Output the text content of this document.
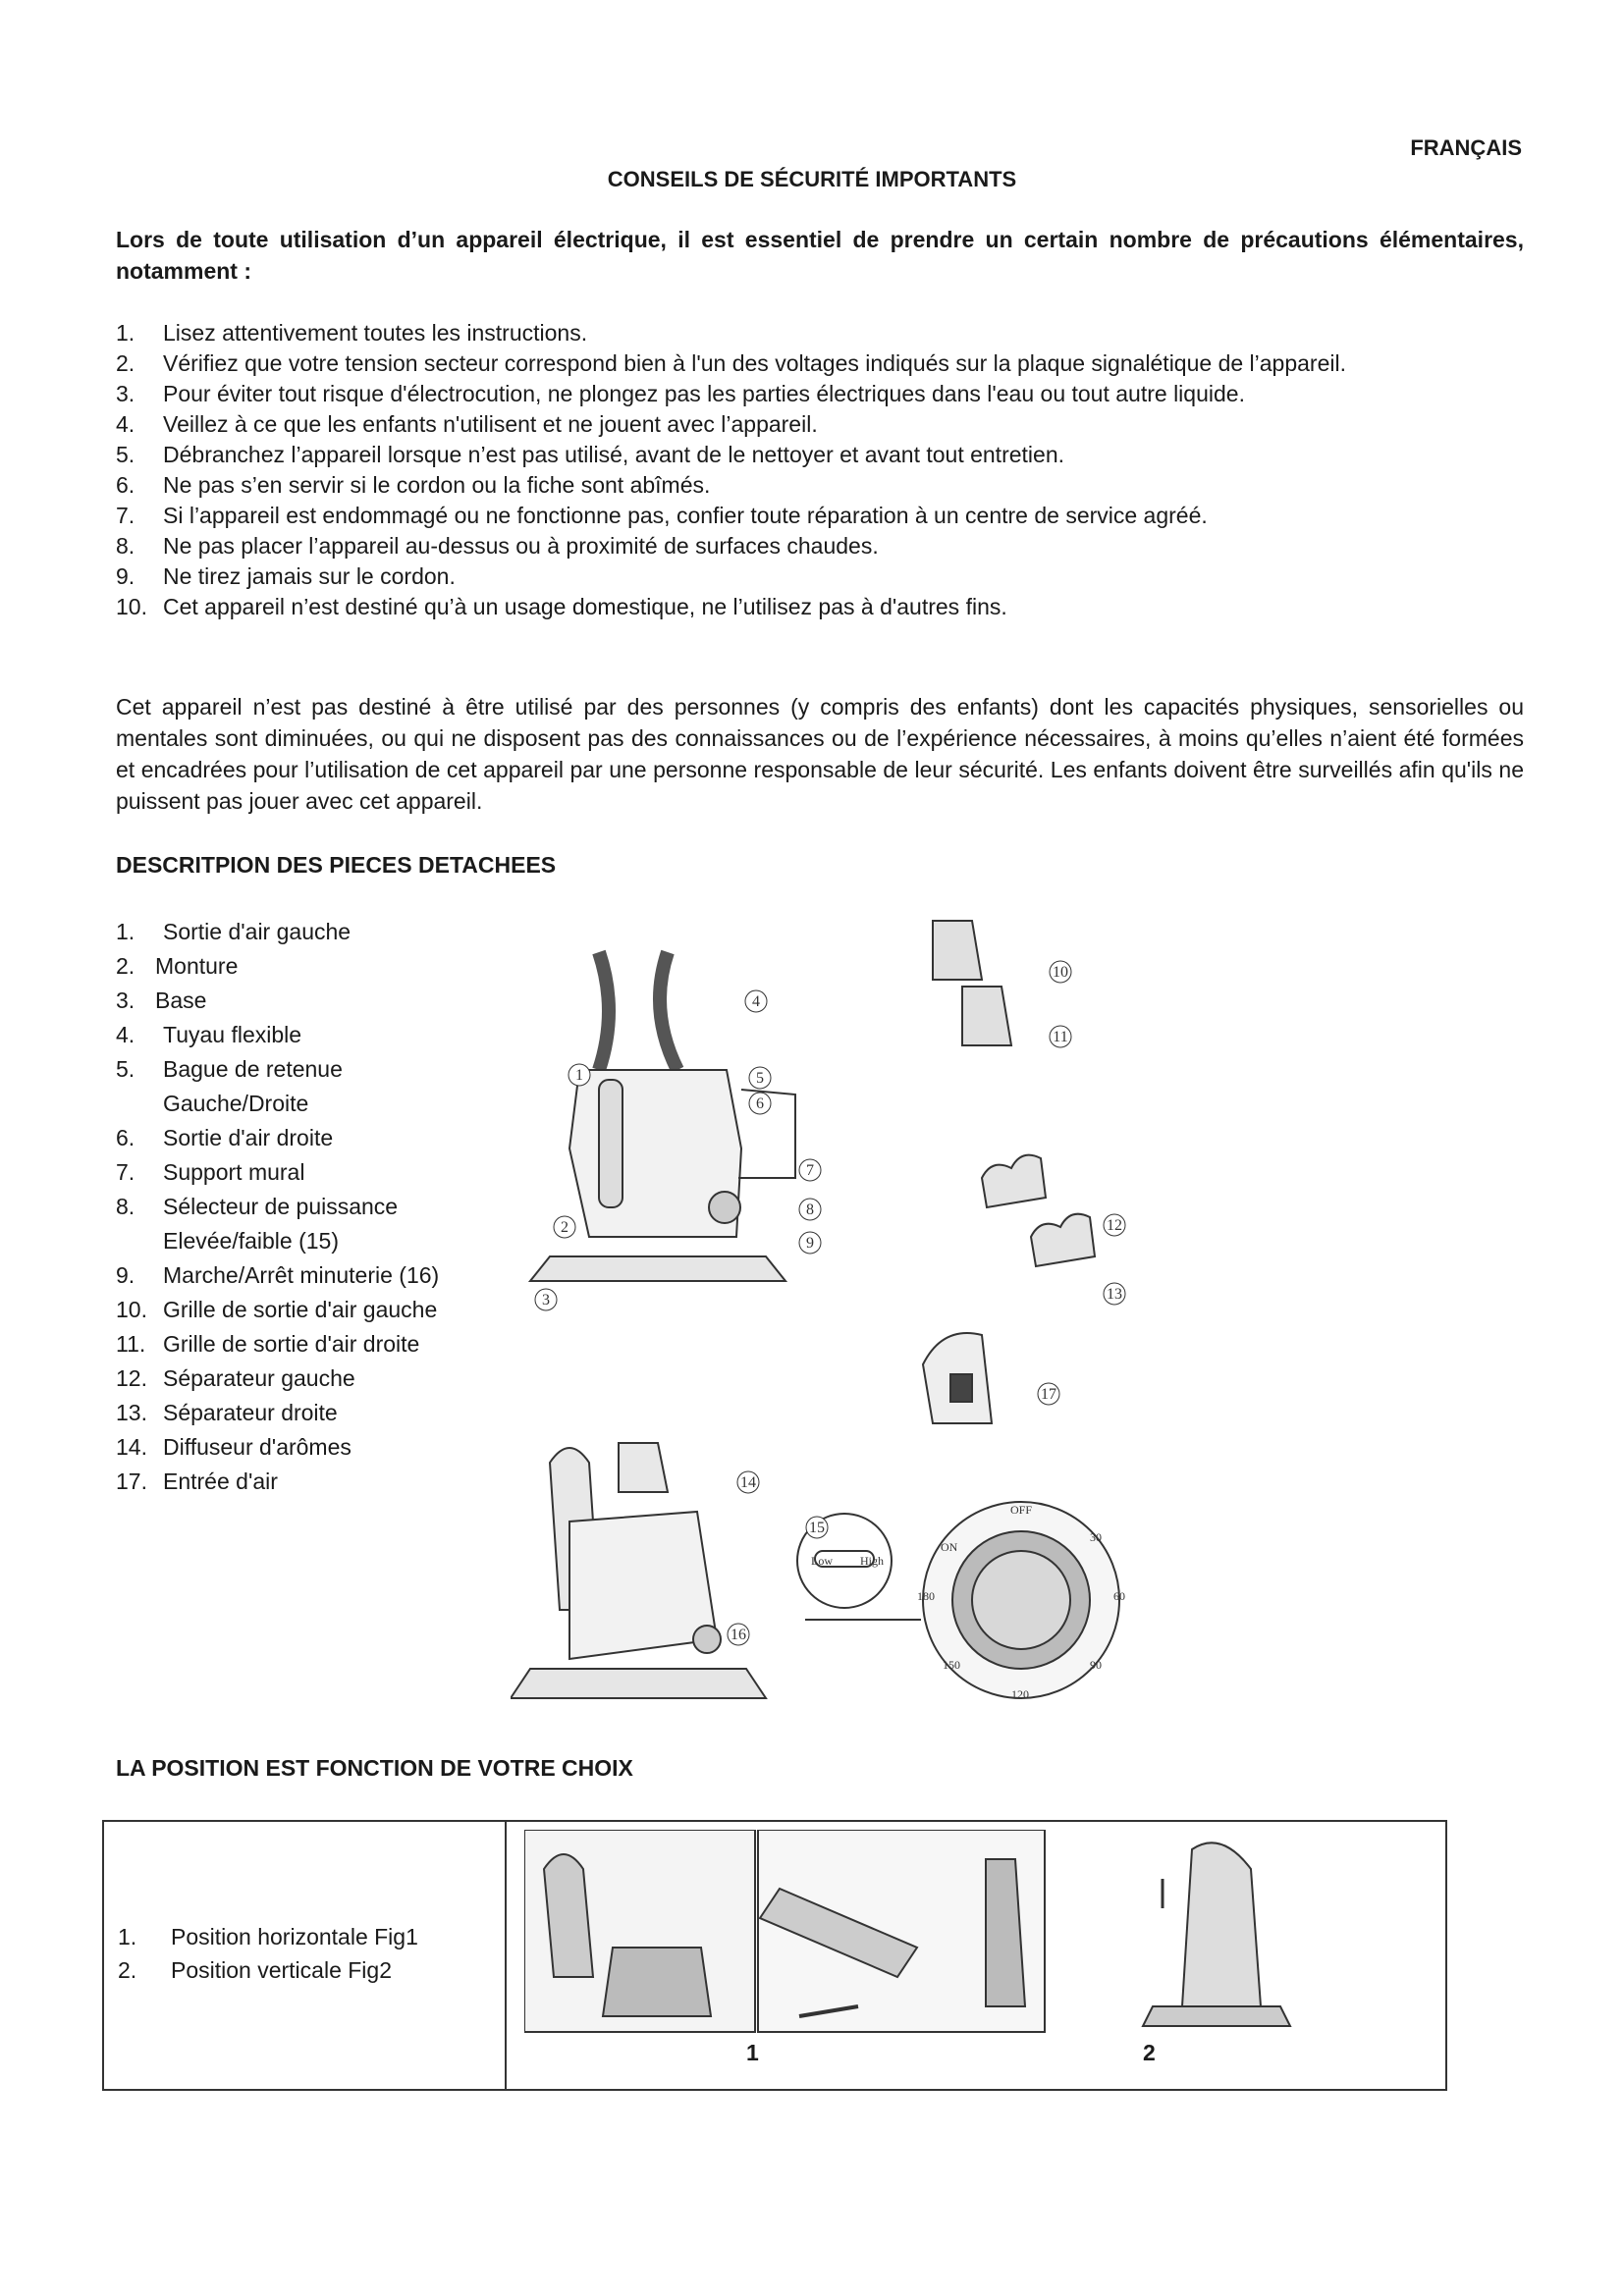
FRANÇAIS
CONSEILS DE SÉCURITÉ IMPORTANTS
Lors de toute utilisation d’un appareil électrique, il est essentiel de prendre un certain nombre de précautions élémentaires, notamment :
1. Lisez attentivement toutes les instructions.
2. Vérifiez que votre tension secteur correspond bien à l'un des voltages indiqués sur la plaque signalétique de l’appareil.
3. Pour éviter tout risque d'électrocution, ne plongez pas les parties électriques dans l'eau ou tout autre liquide.
4. Veillez à ce que les enfants n'utilisent et ne jouent avec l’appareil.
5. Débranchez l’appareil lorsque n’est pas utilisé, avant de le nettoyer et avant tout entretien.
6. Ne pas s’en servir si le cordon ou la fiche sont abîmés.
7. Si l’appareil est endommagé ou ne fonctionne pas, confier toute réparation à un centre de service agréé.
8. Ne pas placer l’appareil au-dessus ou à proximité de surfaces chaudes.
9. Ne tirez jamais sur le cordon.
10. Cet appareil n’est destiné qu’à un usage domestique, ne l’utilisez pas à d'autres fins.
Cet appareil n’est pas destiné à être utilisé par des personnes (y compris des enfants) dont les capacités physiques, sensorielles ou mentales sont diminuées, ou qui ne disposent pas des connaissances ou de l’expérience nécessaires, à moins qu’elles n’aient été formées et encadrées pour l’utilisation de cet appareil par une personne responsable de leur sécurité. Les enfants doivent être surveillés afin qu'ils ne puissent pas jouer avec cet appareil.
DESCRITPION DES PIECES DETACHEES
1. Sortie d'air gauche
2. Monture
3. Base
4. Tuyau flexible
5. Bague de retenue
Gauche/Droite
6. Sortie d'air droite
7. Support mural
8. Sélecteur de puissance
Elevée/faible (15)
9. Marche/Arrêt minuterie (16)
10. Grille de sortie d'air gauche
11. Grille de sortie d'air droite
12. Séparateur gauche
13. Séparateur droite
14. Diffuseur d'arômes
17. Entrée d'air
4
1	5
6
7
8
9
2
3
10
11
12
13
17
14
15
16
Low High
OFF
ON
30
60
90
120
150
180
LA POSITION EST FONCTION DE VOTRE CHOIX
1. Position horizontale Fig1
2. Position verticale Fig2
1	2
